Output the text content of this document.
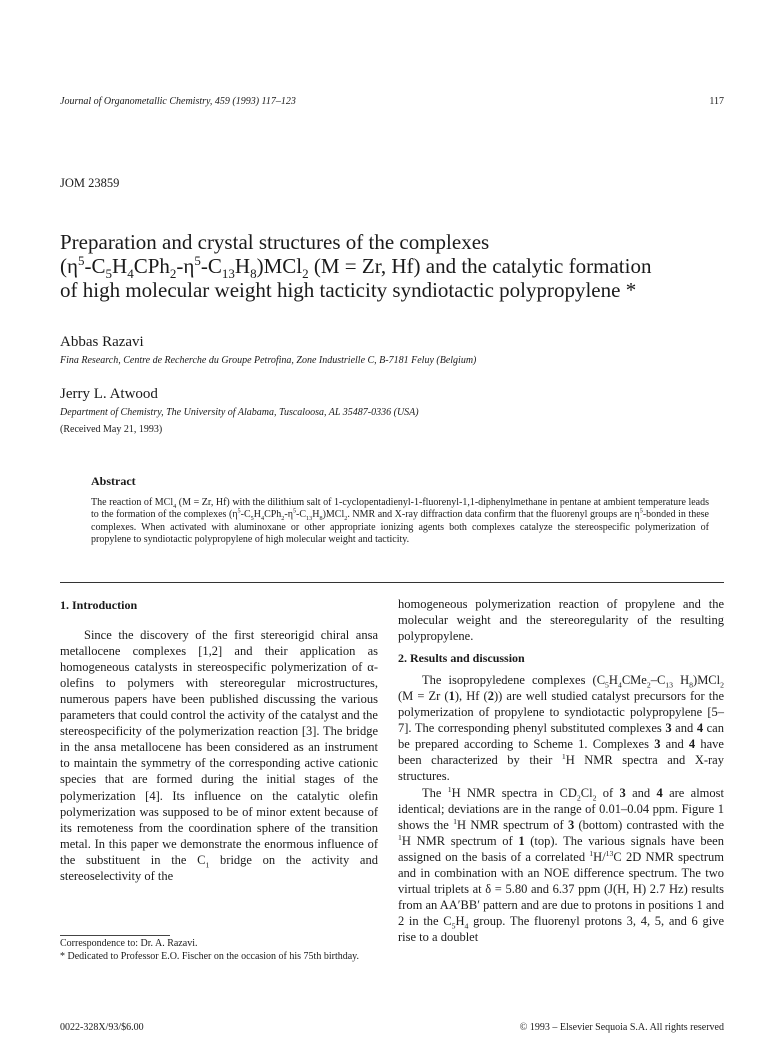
Journal of Organometallic Chemistry, 459 (1993) 117–123	117
JOM 23859
Preparation and crystal structures of the complexes
$(\eta^5-C_5H_4CPh_2-\eta^5-C_{13}H_8)MCl_2$ (M = Zr, Hf) and the catalytic formation
of high molecular weight high tacticity syndiotactic polypropylene *
Abbas Razavi
Fina Research, Centre de Recherche du Groupe Petrofina, Zone Industrielle C, B-7181 Feluy (Belgium)
Jerry L. Atwood
Department of Chemistry, The University of Alabama, Tuscaloosa, AL 35487-0336 (USA)
(Received May 21, 1993)
Abstract
The reaction of MCl$_4$ (M = Zr, Hf) with the dilithium salt of 1-cyclopentadienyl-1-fluorenyl-1,1-diphenylmethane in pentane at ambient temperature leads to the formation of the complexes $(\eta^5-C_5H_4CPh_2-\eta^5-C_{13}H_8)MCl_2$. NMR and X-ray diffraction data confirm that the fluorenyl groups are $\eta^5$-bonded in these complexes. When activated with aluminoxane or other appropriate ionizing agents both complexes catalyze the stereospecific polymerization of propylene to syndiotactic polypropylene of high molecular weight and tacticity.
1. Introduction

Since the discovery of the first stereorigid chiral ansa metallocene complexes [1,2] and their application as homogeneous catalysts in stereospecific polymerization of α-olefins to polymers with stereoregular microstructures, numerous papers have been published discussing the various parameters that could control the activity of the catalyst and the stereospecificity of the polymerization reaction [3]. The bridge in the ansa metallocene has been considered as an instrument to maintain the symmetry of the corresponding active cationic species that are formed during the initial stages of the polymerization [4]. Its influence on the catalytic olefin polymerization was supposed to be of minor extent because of its remoteness from the coordination sphere of the transition metal. In this paper we demonstrate the enormous influence of the substituent in the $C_1$ bridge on the activity and stereoselectivity of the

homogeneous polymerization reaction of propylene and the molecular weight and the stereoregularity of the resulting polypropylene.

2. Results and discussion

The isopropyledene complexes ($C_5H_4CMe_2-C_{13}$ $H_8)MCl_2$ (M = Zr (1), Hf (2)) are well studied catalyst precursors for the polymerization of propylene to syndiotactic polypropylene [5–7]. The corresponding phenyl substituted complexes 3 and 4 can be prepared according to Scheme 1. Complexes 3 and 4 have been characterized by their $^1$H NMR spectra and X-ray structures.

The $^1$H NMR spectra in $CD_2Cl_2$ of 3 and 4 are almost identical; deviations are in the range of 0.01–0.04 ppm. Figure 1 shows the $^1$H NMR spectrum of 3 (bottom) contrasted with the $^1$H NMR spectrum of 1 (top). The various signals have been assigned on the basis of a correlated $^1$H/$^{13}$C 2D NMR spectrum and in combination with an NOE difference spectrum. The two virtual triplets at δ = 5.80 and 6.37 ppm (J(H, H) 2.7 Hz) results from an AA′BB′ pattern and are due to protons in positions 1 and 2 in the $C_5H_4$ group. The fluorenyl protons 3, 4, 5, and 6 give rise to a doublet

Correspondence to: Dr. A. Razavi.
* Dedicated to Professor E.O. Fischer on the occasion of his 75th birthday.
0022-328X/93/$6.00	© 1993 – Elsevier Sequoia S.A. All rights reserved
